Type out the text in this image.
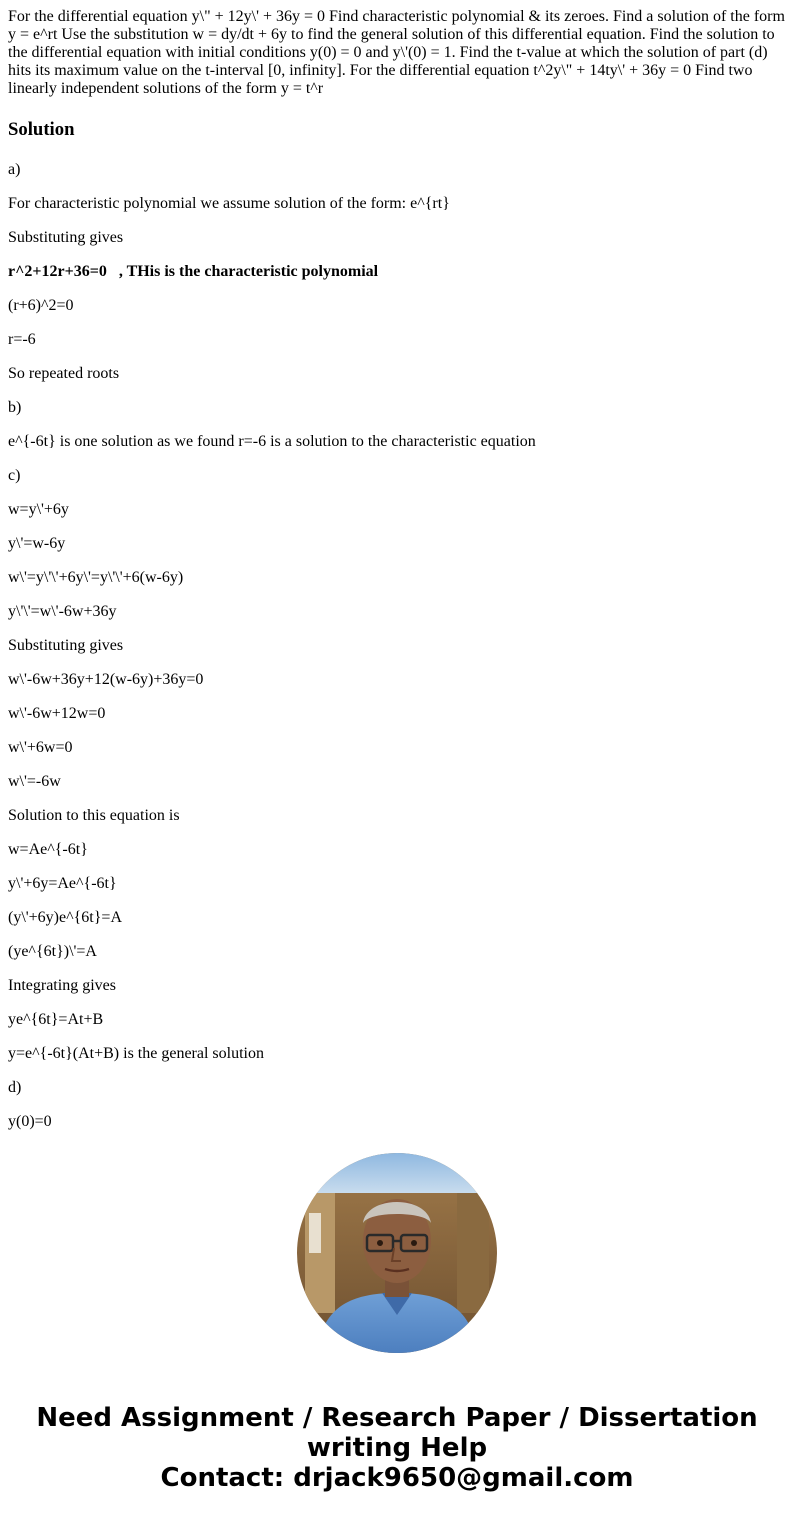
For the differential equation y\" + 12y\' + 36y = 0 Find characteristic polynomial & its zeroes. Find a solution of the form y = e^rt Use the substitution w = dy/dt + 6y to find the general solution of this differential equation. Find the solution to the differential equation with initial conditions y(0) = 0 and y\'(0) = 1. Find the t-value at which the solution of part (d) hits its maximum value on the t-interval [0, infinity]. For the differential equation t^2y\" + 14ty\' + 36y = 0 Find two linearly independent solutions of the form y = t^r

Solution

a)

For characteristic polynomial we assume solution of the form: e^{rt}

Substituting gives

r^2+12r+36=0   , THis is the characteristic polynomial

(r+6)^2=0

r=-6

So repeated roots

b)

e^{-6t} is one solution as we found r=-6 is a solution to the characteristic equation

c)

w=y\'+6y

y\'=w-6y

w\'=y\'\'+6y\'=y\'\'+6(w-6y)

y\'\'=w\'-6w+36y

Substituting gives

w\'-6w+36y+12(w-6y)+36y=0

w\'-6w+12w=0

w\'+6w=0

w\'=-6w

Solution to this equation is

w=Ae^{-6t}

y\'+6y=Ae^{-6t}

(y\'+6y)e^{6t}=A

(ye^{6t})\'=A

Integrating gives

ye^{6t}=At+B

y=e^{-6t}(At+B) is the general solution

d)

y(0)=0

Need Assignment / Research Paper / Dissertation
writing Help
Contact: drjack9650@gmail.com
